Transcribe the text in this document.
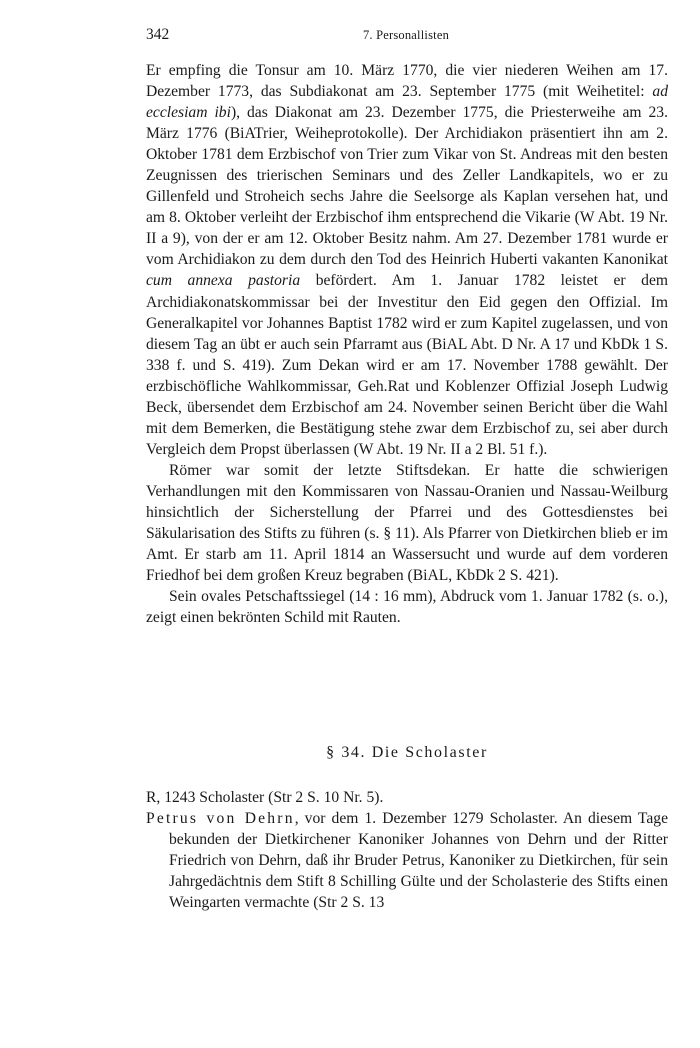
342	7. Personallisten

Er empfing die Tonsur am 10. März 1770, die vier niederen Weihen am 17. Dezember 1773, das Subdiakonat am 23. September 1775 (mit Weihetitel: ad ecclesiam ibi), das Diakonat am 23. Dezember 1775, die Priesterweihe am 23. März 1776 (BiATrier, Weiheprotokolle). Der Archidiakon präsentiert ihn am 2. Oktober 1781 dem Erzbischof von Trier zum Vikar von St. Andreas mit den besten Zeugnissen des trierischen Seminars und des Zeller Landkapitels, wo er zu Gillenfeld und Stroheich sechs Jahre die Seelsorge als Kaplan versehen hat, und am 8. Oktober verleiht der Erzbischof ihm entsprechend die Vikarie (W Abt. 19 Nr. II a 9), von der er am 12. Oktober Besitz nahm. Am 27. Dezember 1781 wurde er vom Archidiakon zu dem durch den Tod des Heinrich Huberti vakanten Kanonikat cum annexa pastoria befördert. Am 1. Januar 1782 leistet er dem Archidiakonatskommissar bei der Investitur den Eid gegen den Offizial. Im Generalkapitel vor Johannes Baptist 1782 wird er zum Kapitel zugelassen, und von diesem Tag an übt er auch sein Pfarramt aus (BiAL Abt. D Nr. A 17 und KbDk 1 S. 338 f. und S. 419). Zum Dekan wird er am 17. November 1788 gewählt. Der erzbischöfliche Wahlkommissar, Geh.Rat und Koblenzer Offizial Joseph Ludwig Beck, übersendet dem Erzbischof am 24. November seinen Bericht über die Wahl mit dem Bemerken, die Bestätigung stehe zwar dem Erzbischof zu, sei aber durch Vergleich dem Propst überlassen (W Abt. 19 Nr. II a 2 Bl. 51 f.).

Römer war somit der letzte Stiftsdekan. Er hatte die schwierigen Verhandlungen mit den Kommissaren von Nassau-Oranien und Nassau-Weilburg hinsichtlich der Sicherstellung der Pfarrei und des Gottesdienstes bei Säkularisation des Stifts zu führen (s. § 11). Als Pfarrer von Dietkirchen blieb er im Amt. Er starb am 11. April 1814 an Wassersucht und wurde auf dem vorderen Friedhof bei dem großen Kreuz begraben (BiAL, KbDk 2 S. 421).

Sein ovales Petschaftssiegel (14 : 16 mm), Abdruck vom 1. Januar 1782 (s. o.), zeigt einen bekrönten Schild mit Rauten.

§ 34. Die Scholaster

R, 1243 Scholaster (Str 2 S. 10 Nr. 5).

Petrus von Dehrn, vor dem 1. Dezember 1279 Scholaster. An diesem Tage bekunden der Dietkirchener Kanoniker Johannes von Dehrn und der Ritter Friedrich von Dehrn, daß ihr Bruder Petrus, Kanoniker zu Dietkirchen, für sein Jahrgedächtnis dem Stift 8 Schilling Gülte und der Scholasterie des Stifts einen Weingarten vermachte (Str 2 S. 13
